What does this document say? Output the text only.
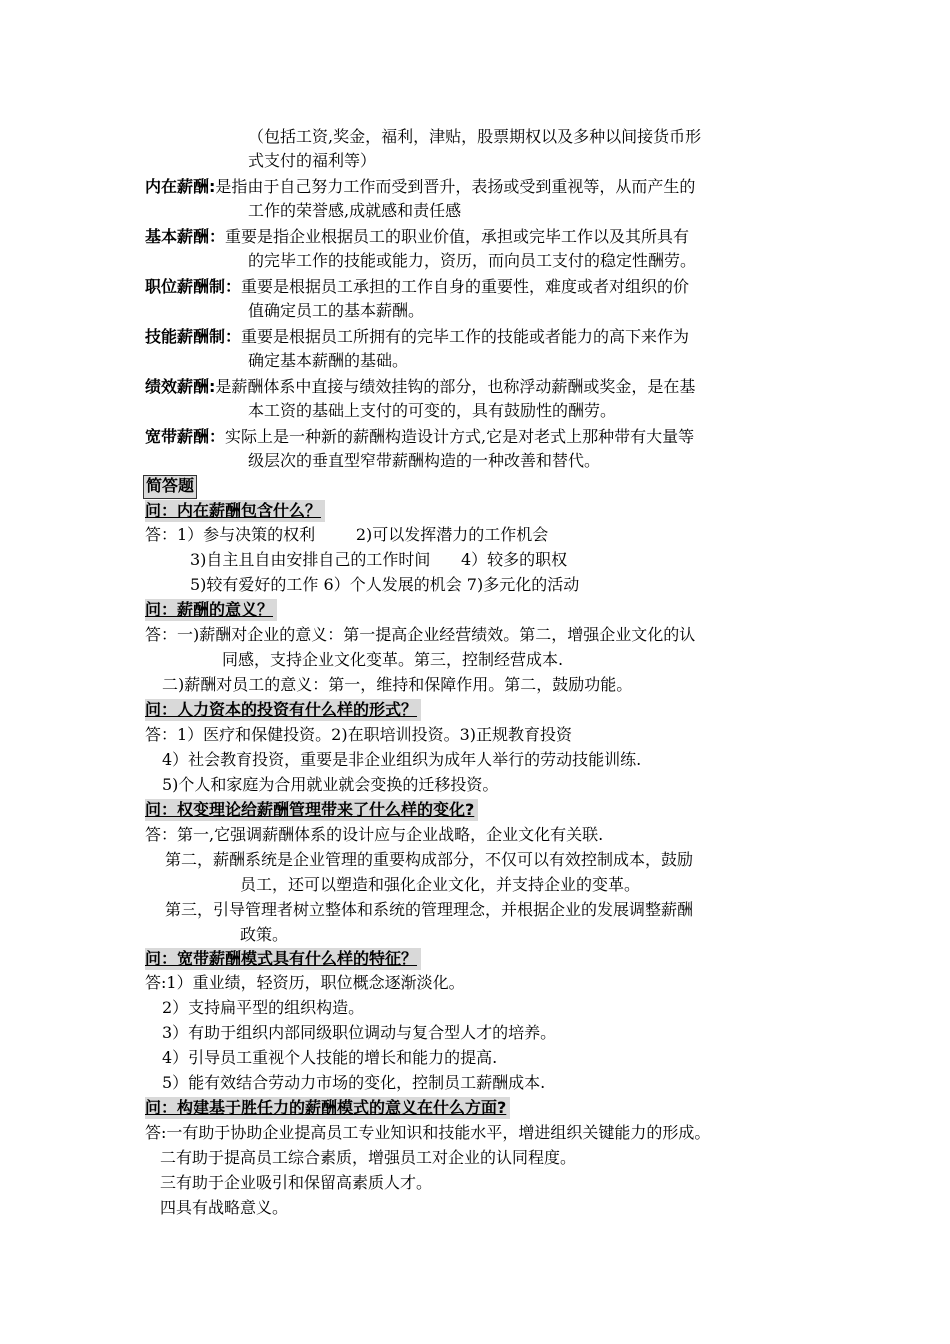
（包括工资,奖金，福利，津贴，股票期权以及多种以间接货币形
式支付的福利等）
内在薪酬:是指由于自己努力工作而受到晋升，表扬或受到重视等，从而产生的
工作的荣誉感,成就感和责任感
基本薪酬：重要是指企业根据员工的职业价值，承担或完毕工作以及其所具有
的完毕工作的技能或能力，资历，而向员工支付的稳定性酬劳。
职位薪酬制：重要是根据员工承担的工作自身的重要性，难度或者对组织的价
值确定员工的基本薪酬。
技能薪酬制：重要是根据员工所拥有的完毕工作的技能或者能力的高下来作为
确定基本薪酬的基础。
绩效薪酬:是薪酬体系中直接与绩效挂钩的部分，也称浮动薪酬或奖金，是在基
本工资的基础上支付的可变的，具有鼓励性的酬劳。
宽带薪酬：实际上是一种新的薪酬构造设计方式,它是对老式上那种带有大量等
级层次的垂直型窄带薪酬构造的一种改善和替代。
简答题
问：内在薪酬包含什么？
答：1）参与决策的权利        2)可以发挥潜力的工作机会
3)自主且自由安排自己的工作时间      4）较多的职权
5)较有爱好的工作 6）个人发展的机会 7)多元化的活动
问：薪酬的意义？
答：一)薪酬对企业的意义：第一提高企业经营绩效。第二，增强企业文化的认
同感，支持企业文化变革。第三，控制经营成本.
二)薪酬对员工的意义：第一，维持和保障作用。第二，鼓励功能。
问：人力资本的投资有什么样的形式？
答：1）医疗和保健投资。2)在职培训投资。3)正规教育投资
4）社会教育投资，重要是非企业组织为成年人举行的劳动技能训练.
5)个人和家庭为合用就业就会变换的迁移投资。
问：权变理论给薪酬管理带来了什么样的变化?
答：第一,它强调薪酬体系的设计应与企业战略，企业文化有关联.
第二，薪酬系统是企业管理的重要构成部分，不仅可以有效控制成本，鼓励
员工，还可以塑造和强化企业文化，并支持企业的变革。
第三，引导管理者树立整体和系统的管理理念，并根据企业的发展调整薪酬
政策。
问：宽带薪酬模式具有什么样的特征？
答:1）重业绩，轻资历，职位概念逐渐淡化。
2）支持扁平型的组织构造。
3）有助于组织内部同级职位调动与复合型人才的培养。
4）引导员工重视个人技能的增长和能力的提高.
5）能有效结合劳动力市场的变化，控制员工薪酬成本.
问：构建基于胜任力的薪酬模式的意义在什么方面?
答:一有助于协助企业提高员工专业知识和技能水平，增进组织关键能力的形成。
二有助于提高员工综合素质，增强员工对企业的认同程度。
三有助于企业吸引和保留高素质人才。
四具有战略意义。
